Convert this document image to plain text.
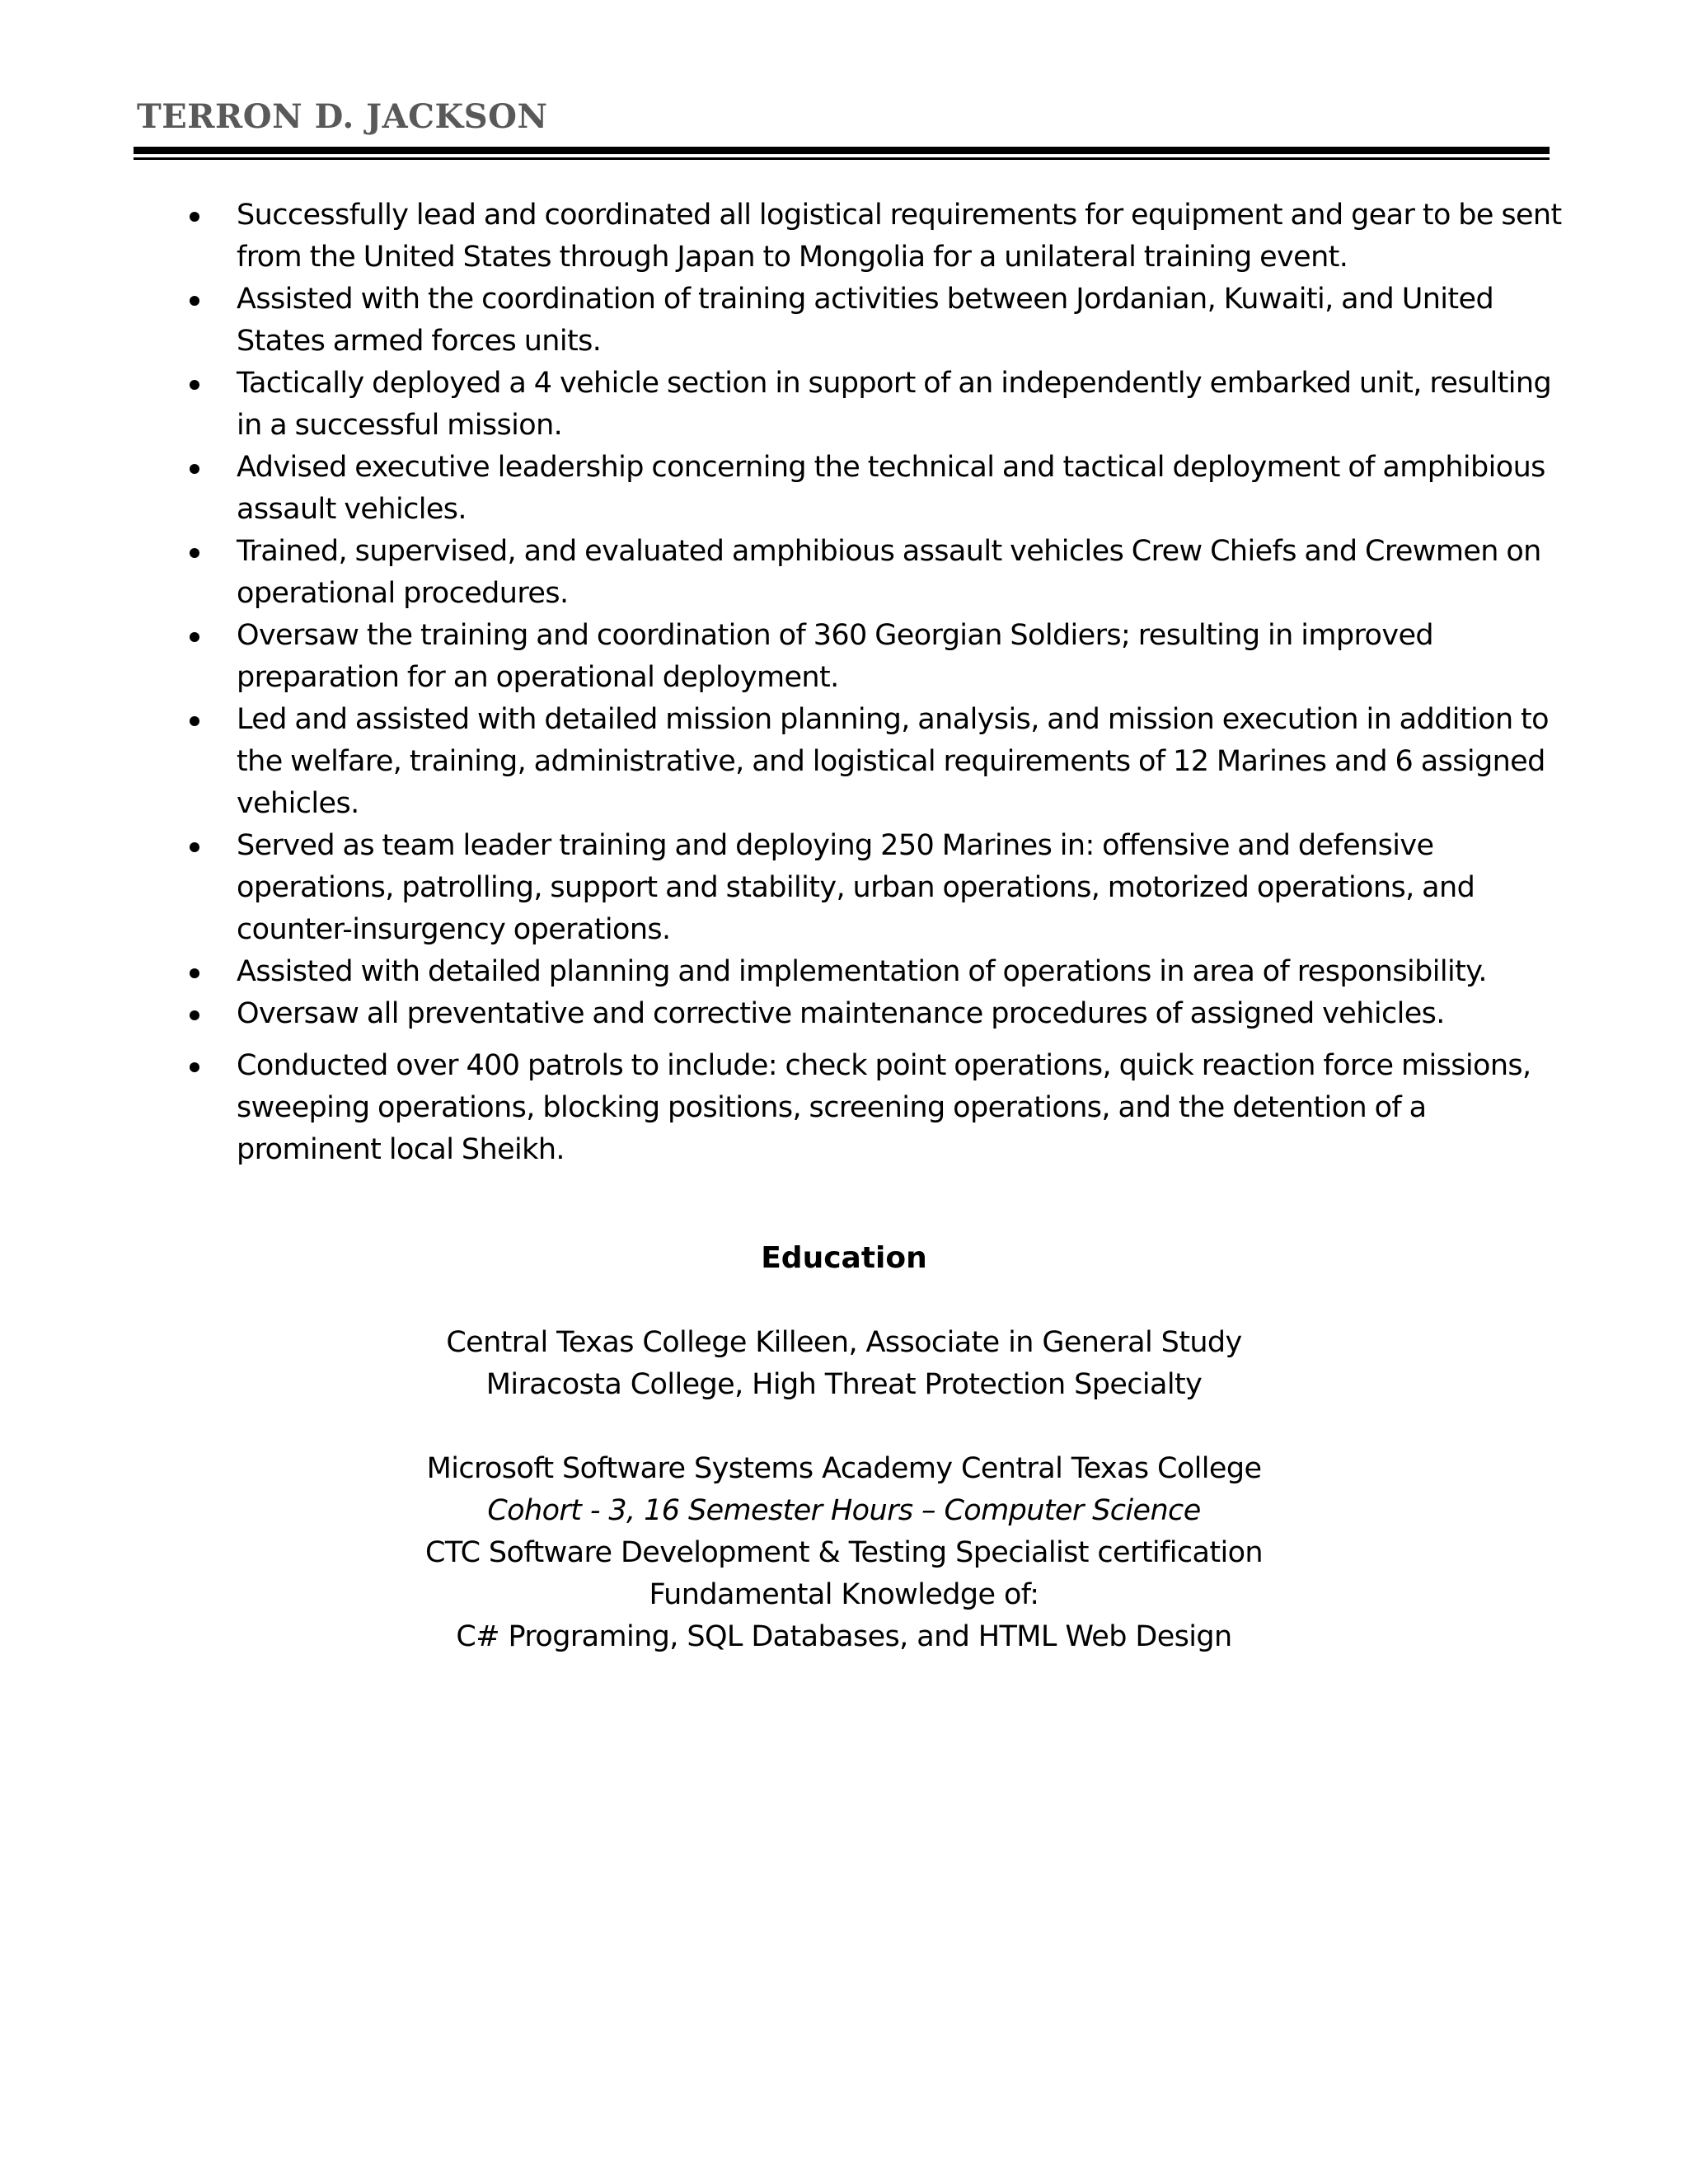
TERRON D. JACKSON
Successfully lead and coordinated all logistical requirements for equipment and gear to be sent from the United States through Japan to Mongolia for a unilateral training event.
Assisted with the coordination of training activities between Jordanian, Kuwaiti, and United States armed forces units.
Tactically deployed a 4 vehicle section in support of an independently embarked unit, resulting in a successful mission.
Advised executive leadership concerning the technical and tactical deployment of amphibious assault vehicles.
Trained, supervised, and evaluated amphibious assault vehicles Crew Chiefs and Crewmen on operational procedures.
Oversaw the training and coordination of 360 Georgian Soldiers; resulting in improved preparation for an operational deployment.
Led and assisted with detailed mission planning, analysis, and mission execution in addition to the welfare, training, administrative, and logistical requirements of 12 Marines and 6 assigned vehicles.
Served as team leader training and deploying 250 Marines in: offensive and defensive operations, patrolling, support and stability, urban operations, motorized operations, and counter-insurgency operations.
Assisted with detailed planning and implementation of operations in area of responsibility.
Oversaw all preventative and corrective maintenance procedures of assigned vehicles.
Conducted over 400 patrols to include: check point operations, quick reaction force missions, sweeping operations, blocking positions, screening operations, and the detention of a prominent local Sheikh.
Education
Central Texas College Killeen, Associate in General Study
Miracosta College, High Threat Protection Specialty
Microsoft Software Systems Academy Central Texas College
Cohort - 3, 16 Semester Hours – Computer Science
CTC Software Development & Testing Specialist certification
Fundamental Knowledge of:
C# Programing, SQL Databases, and HTML Web Design
